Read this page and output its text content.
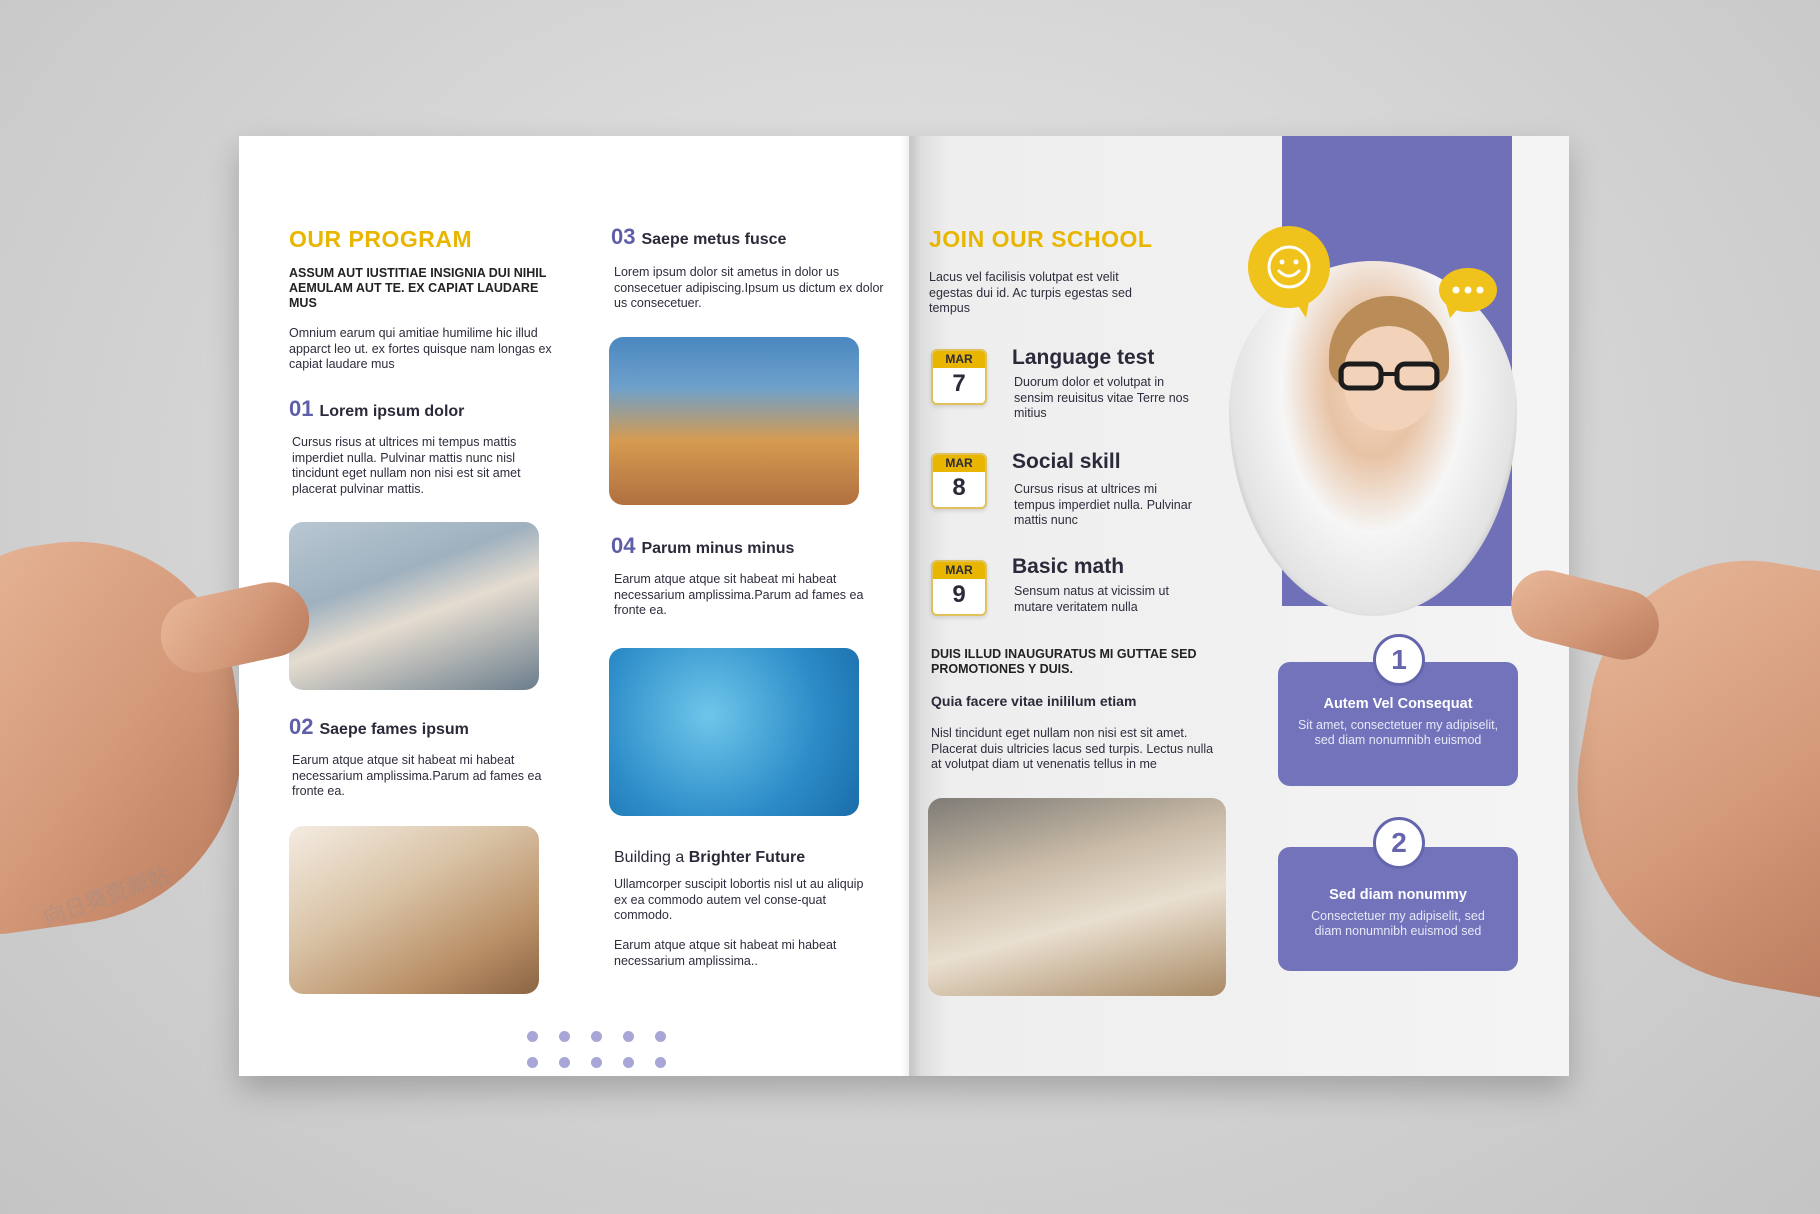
OUR PROGRAM
ASSUM AUT IUSTITIAE INSIGNIA DUI NIHIL AEMULAM AUT TE. EX CAPIAT LAUDARE MUS
Omnium earum qui amitiae humilime hic illud apparct leo ut. ex fortes quisque nam longas ex capiat laudare mus
01 Lorem ipsum dolor
Cursus risus at ultrices mi tempus mattis imperdiet nulla. Pulvinar mattis nunc nisl tincidunt eget nullam non nisi est sit amet placerat pulvinar mattis.
02 Saepe fames ipsum
Earum atque atque sit habeat mi habeat necessarium amplissima.Parum ad fames ea fronte ea.
03 Saepe metus fusce
Lorem ipsum dolor sit ametus in dolor us consecetuer adipiscing.Ipsum us dictum ex dolor us consecetuer.
04 Parum minus minus
Earum atque atque sit habeat mi habeat necessarium amplissima.Parum ad fames ea fronte ea.
Building a Brighter Future
Ullamcorper suscipit lobortis nisl ut au aliquip ex ea commodo autem vel conse-quat commodo.
Earum atque atque sit habeat mi habeat necessarium amplissima..
JOIN OUR SCHOOL
Lacus vel facilisis volutpat est velit egestas dui id. Ac turpis egestas sed tempus
MAR
7
Language test
Duorum dolor et volutpat in sensim reuisitus vitae Terre nos mitius
MAR
8
Social skill
Cursus risus at ultrices mi tempus imperdiet nulla. Pulvinar mattis nunc
MAR
9
Basic math
Sensum natus at vicissim ut mutare veritatem nulla
DUIS ILLUD INAUGURATUS MI GUTTAE SED PROMOTIONES Y DUIS.
Quia facere vitae inililum etiam
Nisl tincidunt eget nullam non nisi est sit amet. Placerat duis ultricies lacus sed turpis. Lectus nulla at volutpat diam ut venenatis tellus in me
Autem Vel Consequat
Sit amet, consectetuer my adipiselit, sed diam nonumnibh euismod
1
Sed diam nonummy
Consectetuer my adipiselit, sed diam nonumnibh euismod sed
2
向日葵资源站
